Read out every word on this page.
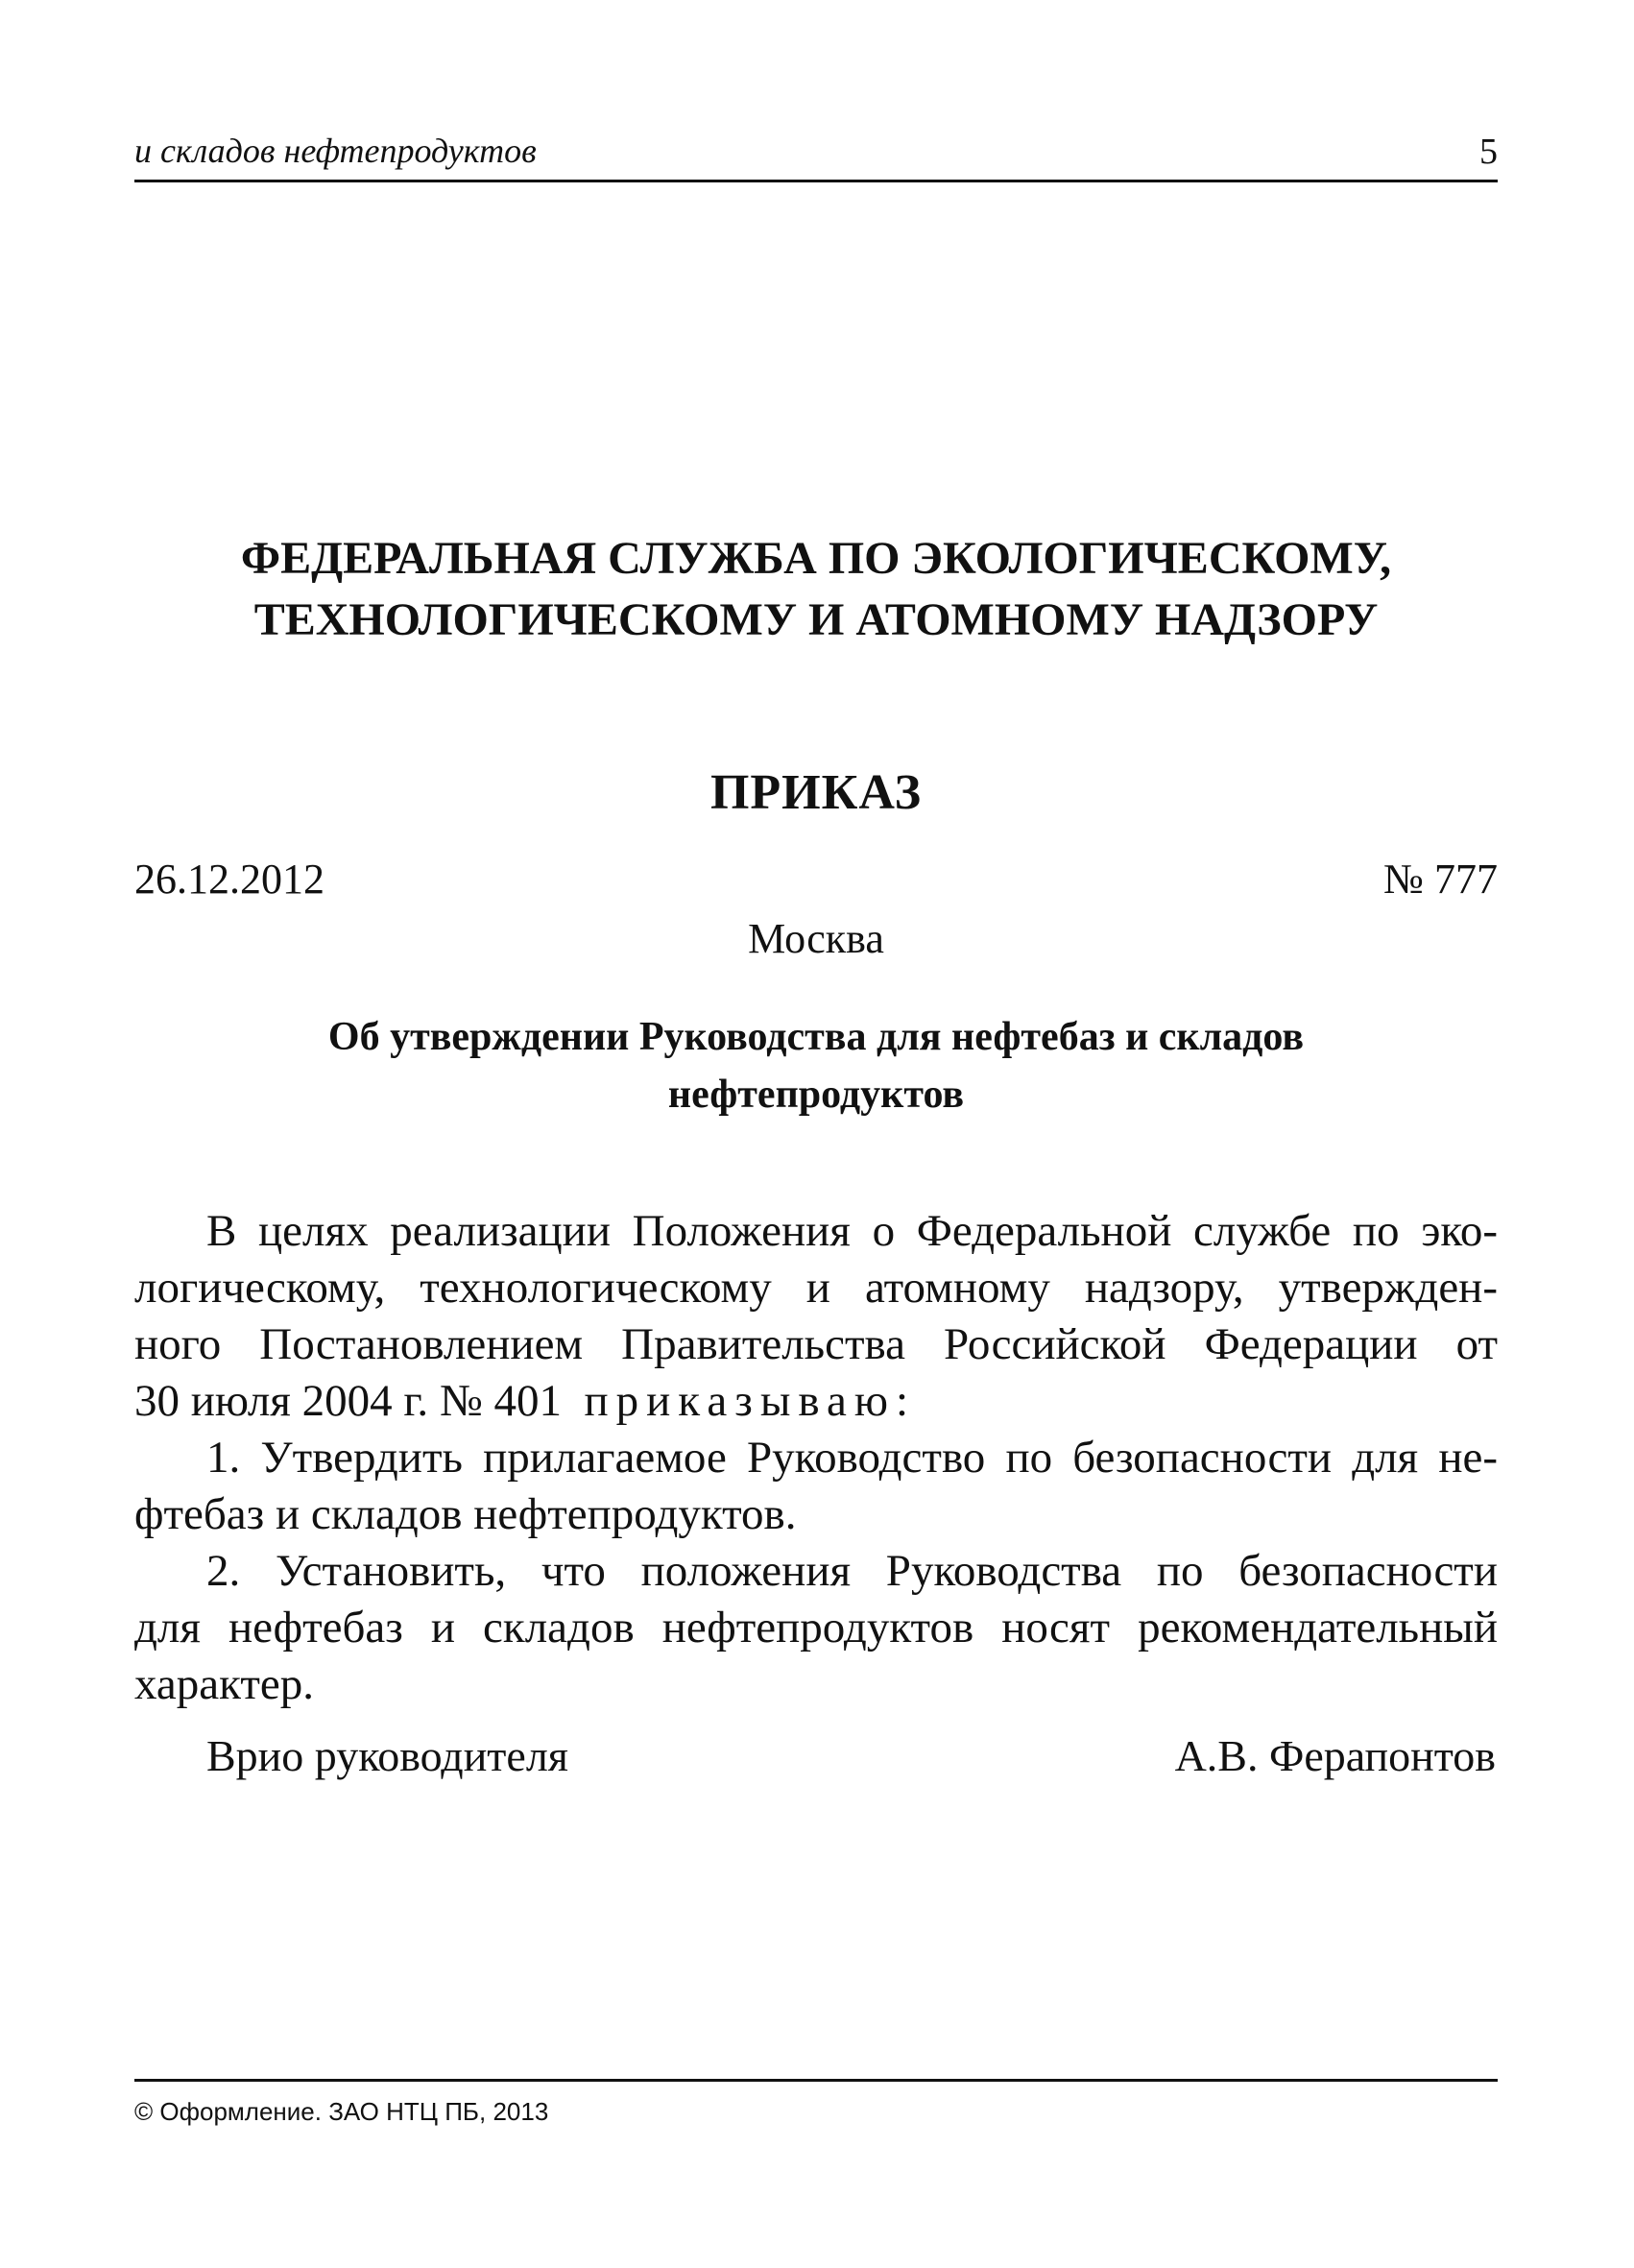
и складов нефтепродуктов	5
ФЕДЕРАЛЬНАЯ СЛУЖБА ПО ЭКОЛОГИЧЕСКОМУ,
ТЕХНОЛОГИЧЕСКОМУ И АТОМНОМУ НАДЗОРУ
ПРИКАЗ
26.12.2012	№ 777
Москва
Об утверждении Руководства для нефтебаз и складов
нефтепродуктов
В целях реализации Положения о Федеральной службе по эко-
логическому, технологическому и атомному надзору, утвержден-
ного Постановлением Правительства Российской Федерации от
30 июля 2004 г. № 401 приказываю:
1. Утвердить прилагаемое Руководство по безопасности для не-
фтебаз и складов нефтепродуктов.
2. Установить, что положения Руководства по безопасности
для нефтебаз и складов нефтепродуктов носят рекомендательный
характер.
Врио руководителя	А.В. Ферапонтов
© Оформление. ЗАО НТЦ ПБ, 2013
